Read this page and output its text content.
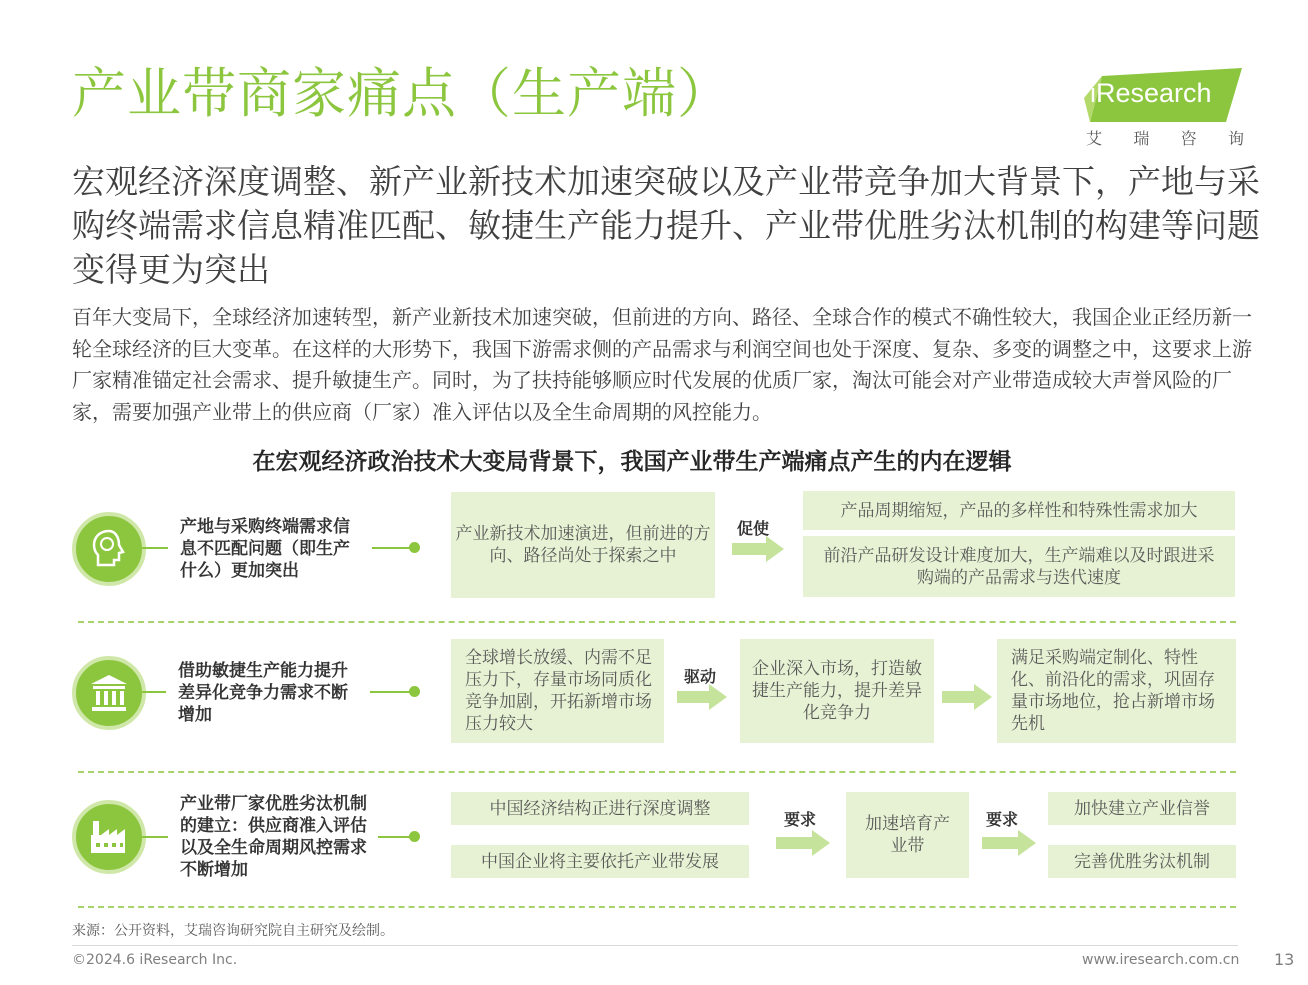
产业带商家痛点（生产端）	iResearch
艾 瑞 咨 询
宏观经济深度调整、新产业新技术加速突破以及产业带竞争加大背景下，产地与采购终端需求信息精准匹配、敏捷生产能力提升、产业带优胜劣汰机制的构建等问题变得更为突出
百年大变局下，全球经济加速转型，新产业新技术加速突破，但前进的方向、路径、全球合作的模式不确性较大，我国企业正经历新一轮全球经济的巨大变革。在这样的大形势下，我国下游需求侧的产品需求与利润空间也处于深度、复杂、多变的调整之中，这要求上游厂家精准锚定社会需求、提升敏捷生产。同时，为了扶持能够顺应时代发展的优质厂家，淘汰可能会对产业带造成较大声誉风险的厂家，需要加强产业带上的供应商（厂家）准入评估以及全生命周期的风控能力。
在宏观经济政治技术大变局背景下，我国产业带生产端痛点产生的内在逻辑
产地与采购终端需求信息不匹配问题（即生产什么）更加突出
产业新技术加速演进，但前进的方向、路径尚处于探索之中
促使
产品周期缩短，产品的多样性和特殊性需求加大
前沿产品研发设计难度加大，生产端难以及时跟进采购端的产品需求与迭代速度
借助敏捷生产能力提升差异化竞争力需求不断增加
全球增长放缓、内需不足压力下，存量市场同质化竞争加剧，开拓新增市场压力较大
驱动	企业深入市场，打造敏捷生产能力，提升差异化竞争力
满足采购端定制化、特性化、前沿化的需求，巩固存量市场地位，抢占新增市场先机
产业带厂家优胜劣汰机制的建立：供应商准入评估以及全生命周期风控需求不断增加
中国经济结构正进行深度调整
中国企业将主要依托产业带发展
要求	加速培育产业带
要求
加快建立产业信誉
完善优胜劣汰机制
来源：公开资料，艾瑞咨询研究院自主研究及绘制。
©2024.6 iResearch Inc.	www.iresearch.com.cn 13
